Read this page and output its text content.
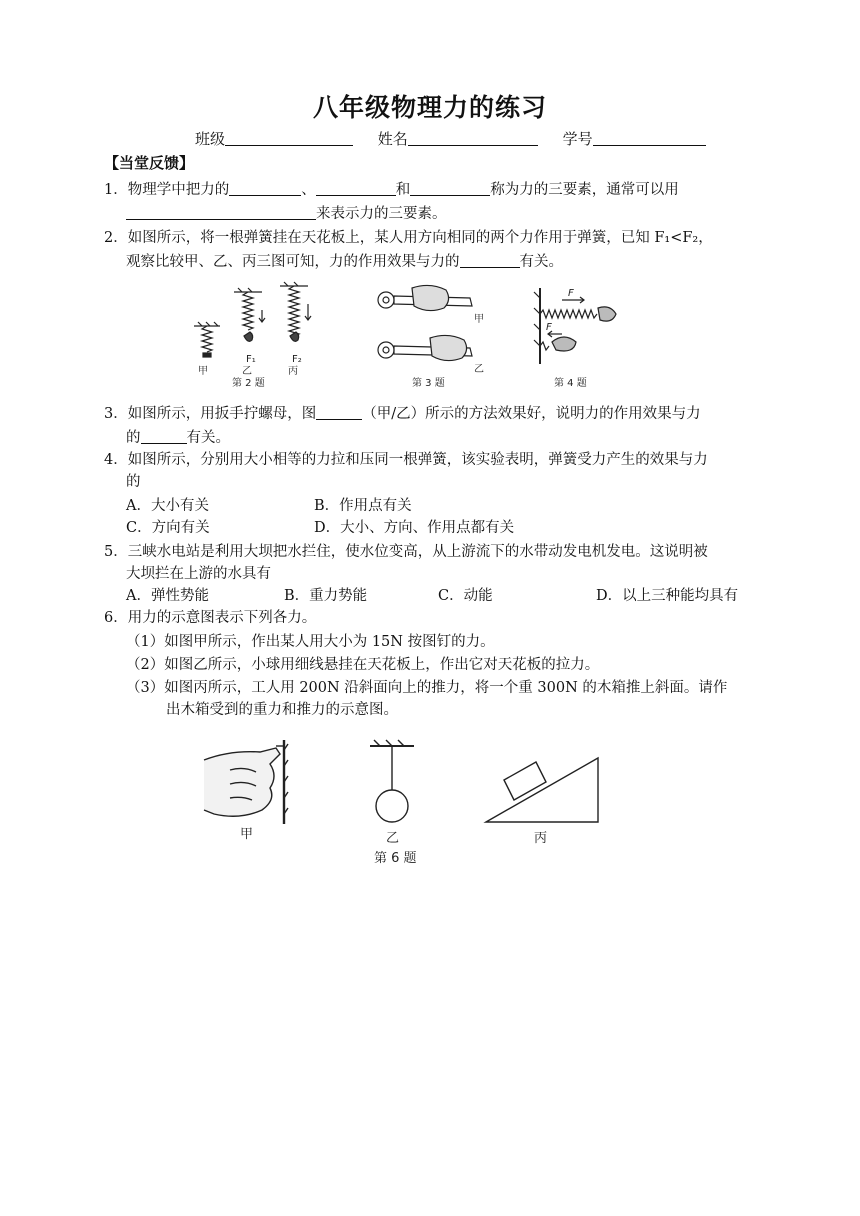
八年级物理力的练习
班级	姓名	学号
【当堂反馈】
1．物理学中把力的	、	和	称为力的三要素，通常可以用
来表示力的三要素。
2．如图所示，将一根弹簧挂在天花板上，某人用方向相同的两个力作用于弹簧，已知 F₁<F₂，
观察比较甲、乙、丙三图可知，力的作用效果与力的	有关。
甲
F₁
乙
F₂
丙
第 2 题
甲
乙
第 3 题
F
F
第 4 题
3．如图所示，用扳手拧螺母，图	（甲/乙）所示的方法效果好，说明力的作用效果与力
的	有关。
4．如图所示，分别用大小相等的力拉和压同一根弹簧，该实验表明，弹簧受力产生的效果与力
的
A．大小有关	B．作用点有关
C．方向有关	D．大小、方向、作用点都有关
5．三峡水电站是利用大坝把水拦住，使水位变高，从上游流下的水带动发电机发电。这说明被
大坝拦在上游的水具有
A．弹性势能	B．重力势能	C．动能	D．以上三种能均具有
6．用力的示意图表示下列各力。
（1）如图甲所示，作出某人用大小为 15N 按图钉的力。
（2）如图乙所示，小球用细线悬挂在天花板上，作出它对天花板的拉力。
（3）如图丙所示，工人用 200N 沿斜面向上的推力，将一个重 300N 的木箱推上斜面。请作
出木箱受到的重力和推力的示意图。
甲	乙	丙
第 6 题
